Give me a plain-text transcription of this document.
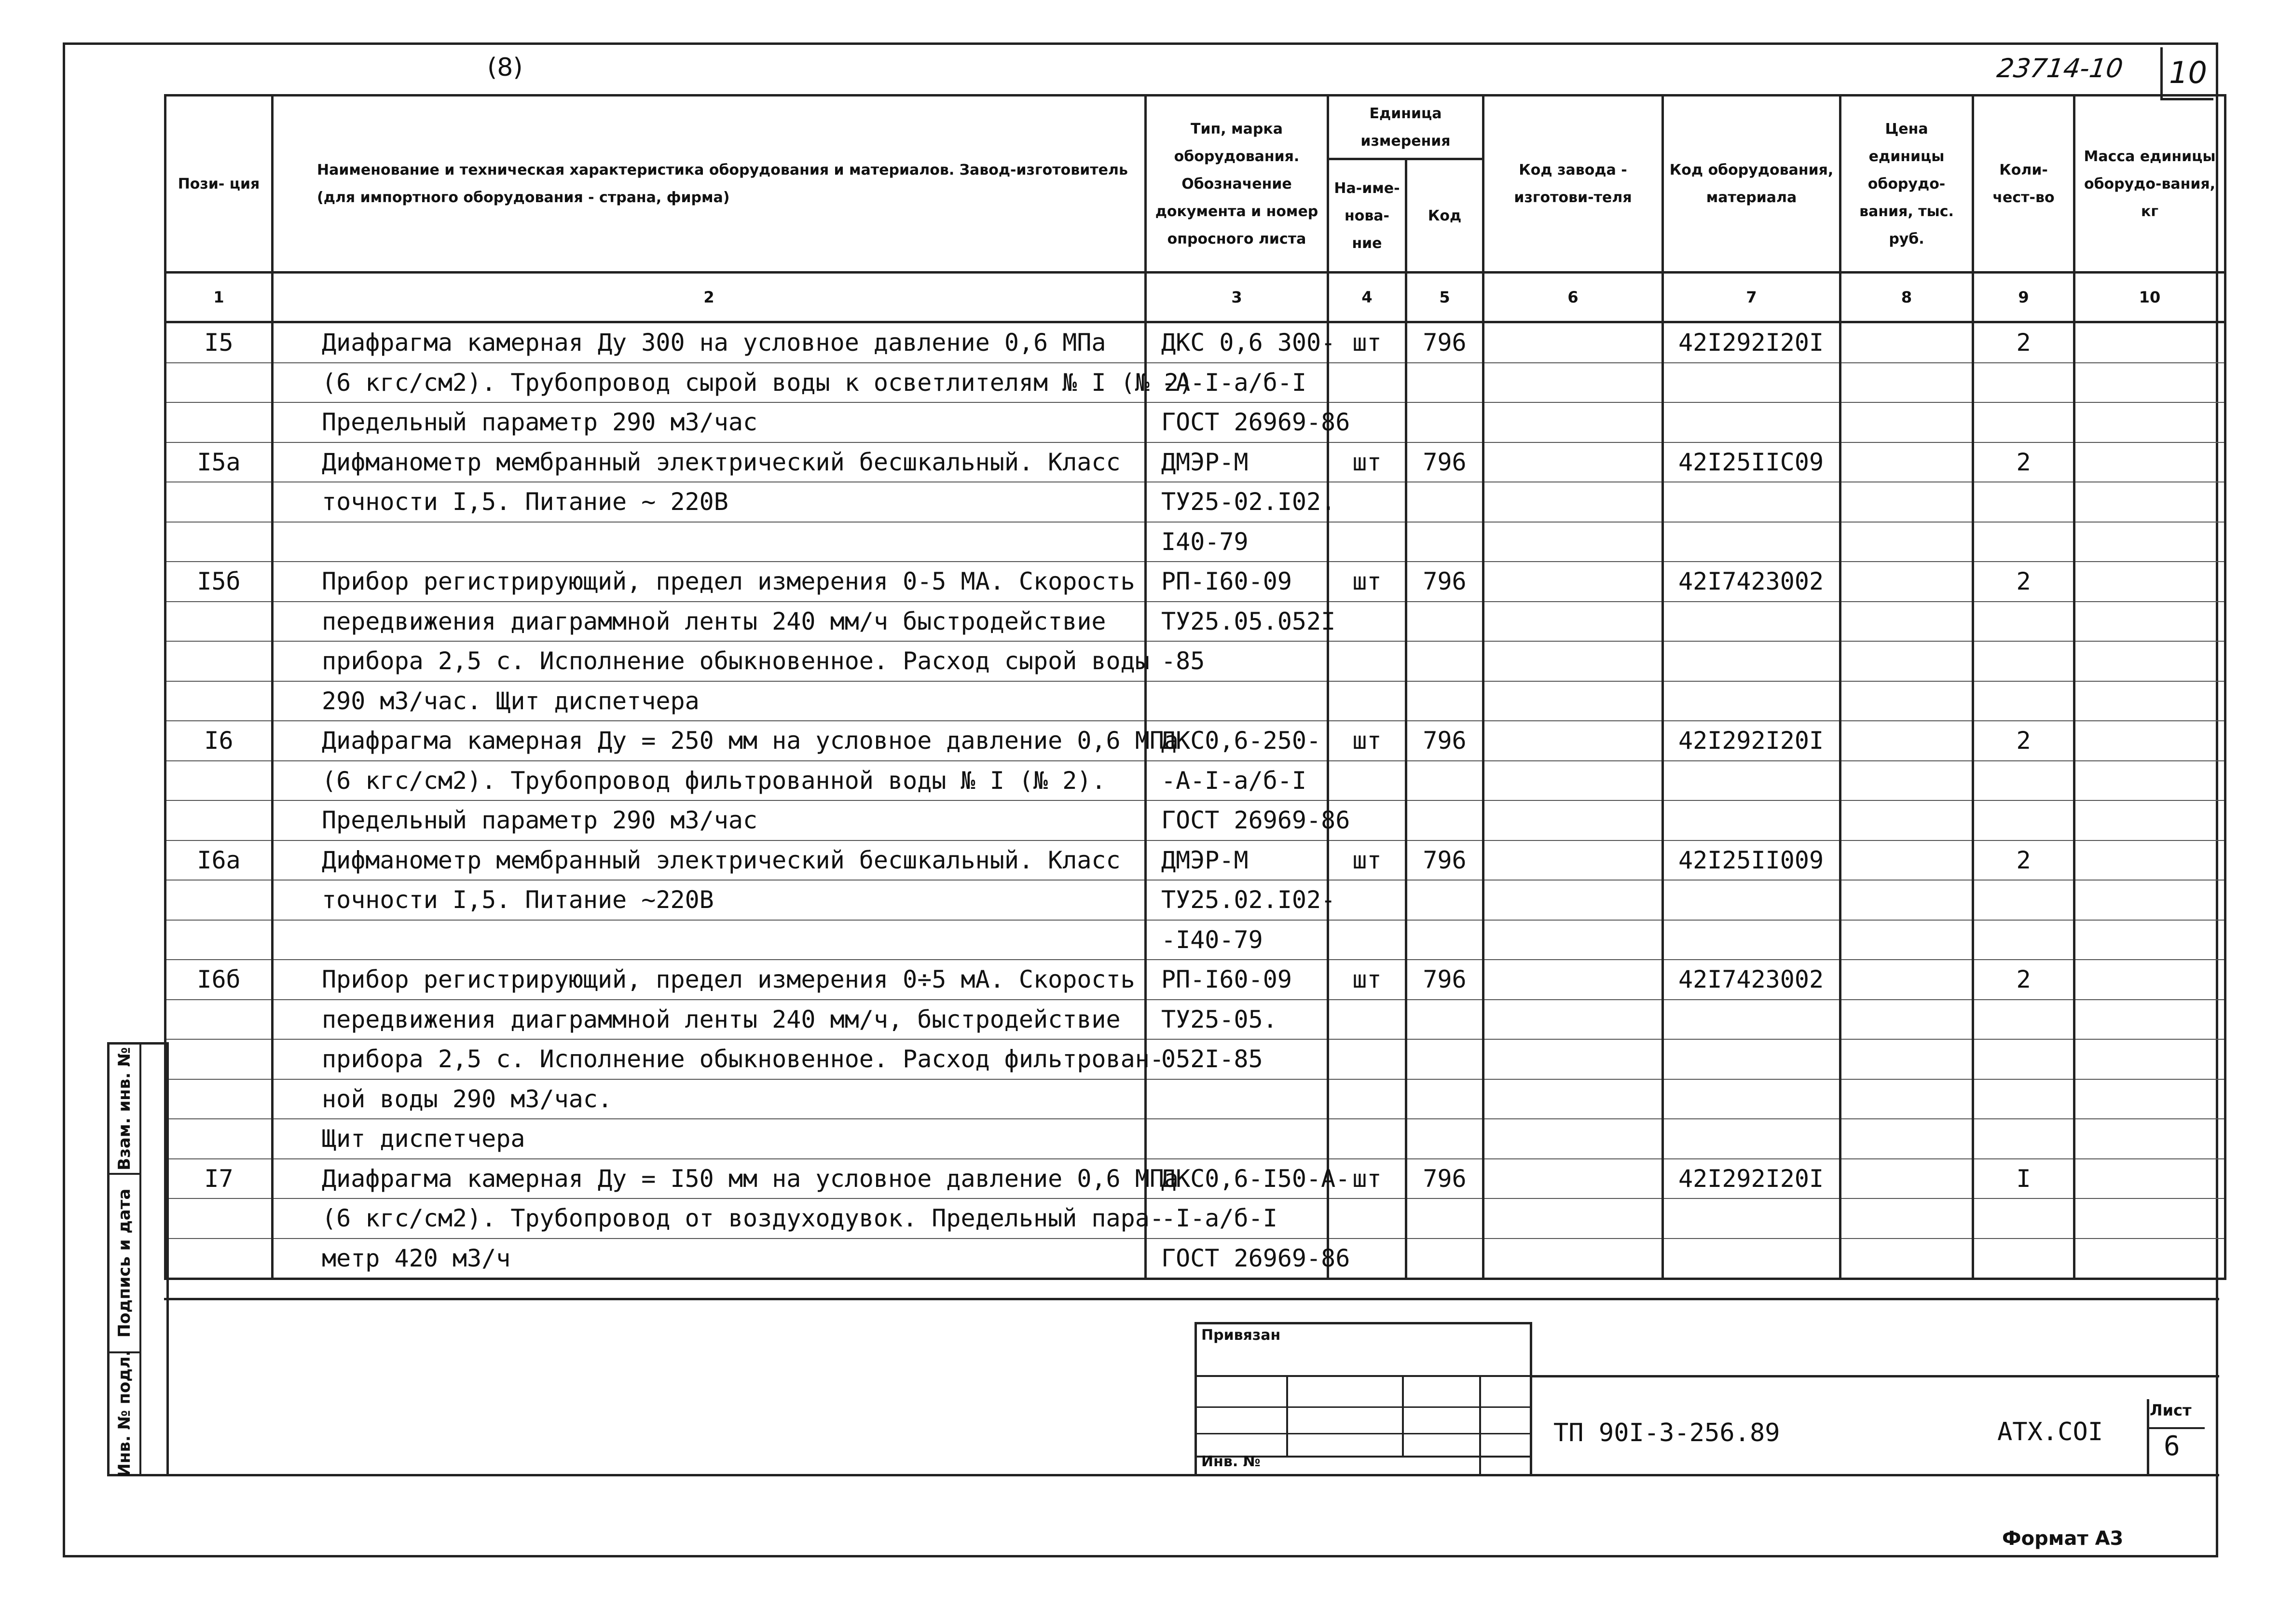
(8)	23714-10 10
Пози- ция	Наименование и техническая характеристика оборудования и материалов. Завод-изготовитель (для импортного оборудования - страна, фирма)	Тип, марка оборудования. Обозначение документа и номер опросного листа	Единица измерения		Код завода - изготови-теля	Код оборудования, материала	Цена единицы оборудо-вания, тыс. руб.	Коли-чест-во	Масса единицы оборудо-вания, кг
			На-име-нова-ние	Код					
1	2	3	4	5	6	7	8	9	10
I5	Диафрагма камерная Ду 300 на условное давление 0,6 МПа	ДКС 0,6 300-	шт	796		42I292I20I		2	
	(6 кгс/см2). Трубопровод сырой воды к осветлителям № I (№ 2)	-А-I-а/б-I							
	Предельный параметр 290 м3/час	ГОСТ 26969-86							
I5а	Дифманометр мембранный электрический бесшкальный. Класс	ДМЭР-М	шт	796		42I25IIC09		2	
	точности I,5. Питание ~ 220В	ТУ25-02.I02.							
		I40-79							
I5б	Прибор регистрирующий, предел измерения 0-5 МА. Скорость	РП-I60-09	шт	796		42I7423002		2	
	передвижения диаграммной ленты 240 мм/ч быстродействие	ТУ25.05.052I							
	прибора 2,5 с. Исполнение обыкновенное. Расход сырой воды	-85							
	290 м3/час. Щит диспетчера								
I6	Диафрагма камерная Ду = 250 мм на условное давление 0,6 МПа	ДКС0,6-250-	шт	796		42I292I20I		2	
	(6 кгс/см2). Трубопровод фильтрованной воды № I (№ 2).	-А-I-а/б-I							
	Предельный параметр 290 м3/час	ГОСТ 26969-86							
I6а	Дифманометр мембранный электрический бесшкальный. Класс	ДМЭР-М	шт	796		42I25II009		2	
	точности I,5. Питание ~220В	ТУ25.02.I02-							
		-I40-79							
I6б	Прибор регистрирующий, предел измерения 0÷5 мА. Скорость	РП-I60-09	шт	796		42I7423002		2	
	передвижения диаграммной ленты 240 мм/ч, быстродействие	ТУ25-05.							
	прибора 2,5 с. Исполнение обыкновенное. Расход фильтрован-	052I-85							
	ной воды 290 м3/час.								
	Щит диспетчера								
I7	Диафрагма камерная Ду = I50 мм на условное давление 0,6 МПа	ДКС0,6-I50-А-	шт	796		42I292I20I		I	
	(6 кгс/см2). Трубопровод от воздуходувок. Предельный пара-	-I-а/б-I							
	метр 420 м3/ч	ГОСТ 26969-86							
Взам. инв. №
Подпись и дата
Инв. № подл.
Привязан
Инв. №
ТП 90I-3-256.89	АТХ.COI
Лист
6
Формат А3
